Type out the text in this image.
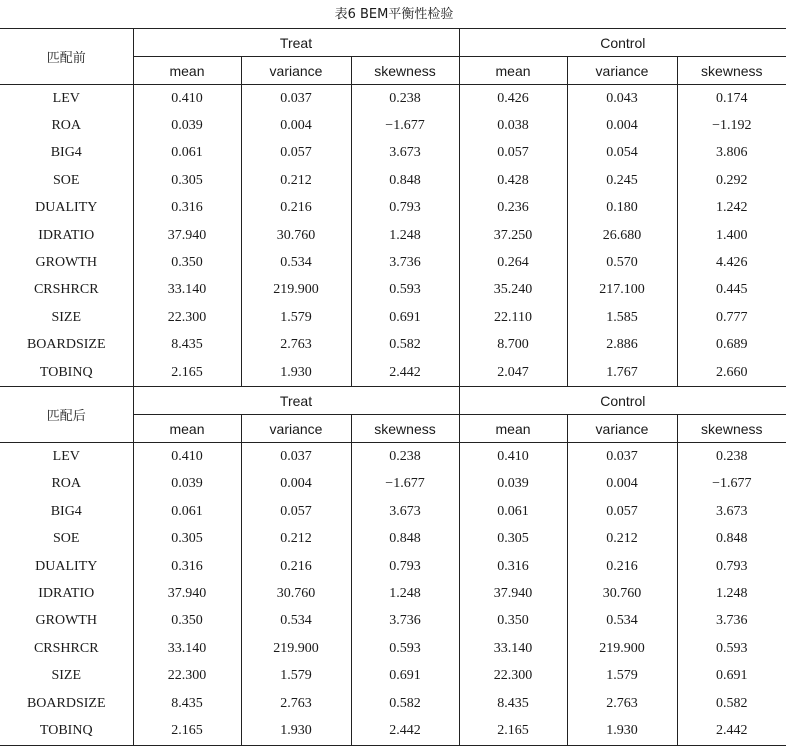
表6 BEM平衡性检验
匹配前	Treat			Control		
	mean	variance	skewness	mean	variance	skewness
LEV	0.410	0.037	0.238	0.426	0.043	0.174
ROA	0.039	0.004	−1.677	0.038	0.004	−1.192
BIG4	0.061	0.057	3.673	0.057	0.054	3.806
SOE	0.305	0.212	0.848	0.428	0.245	0.292
DUALITY	0.316	0.216	0.793	0.236	0.180	1.242
IDRATIO	37.940	30.760	1.248	37.250	26.680	1.400
GROWTH	0.350	0.534	3.736	0.264	0.570	4.426
CRSHRCR	33.140	219.900	0.593	35.240	217.100	0.445
SIZE	22.300	1.579	0.691	22.110	1.585	0.777
BOARDSIZE	8.435	2.763	0.582	8.700	2.886	0.689
TOBINQ	2.165	1.930	2.442	2.047	1.767	2.660
匹配后	Treat			Control		
	mean	variance	skewness	mean	variance	skewness
LEV	0.410	0.037	0.238	0.410	0.037	0.238
ROA	0.039	0.004	−1.677	0.039	0.004	−1.677
BIG4	0.061	0.057	3.673	0.061	0.057	3.673
SOE	0.305	0.212	0.848	0.305	0.212	0.848
DUALITY	0.316	0.216	0.793	0.316	0.216	0.793
IDRATIO	37.940	30.760	1.248	37.940	30.760	1.248
GROWTH	0.350	0.534	3.736	0.350	0.534	3.736
CRSHRCR	33.140	219.900	0.593	33.140	219.900	0.593
SIZE	22.300	1.579	0.691	22.300	1.579	0.691
BOARDSIZE	8.435	2.763	0.582	8.435	2.763	0.582
TOBINQ	2.165	1.930	2.442	2.165	1.930	2.442
